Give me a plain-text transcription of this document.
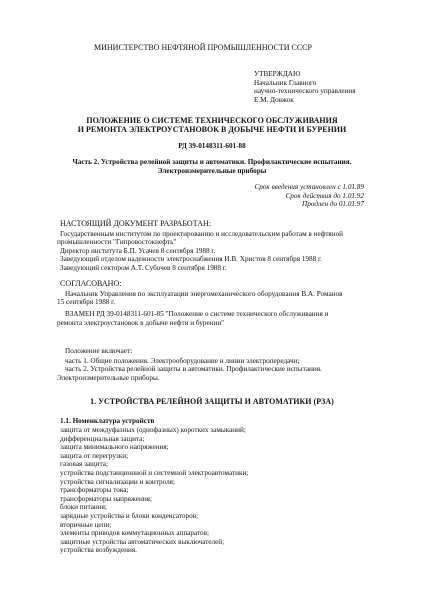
МИНИСТЕРСТВО НЕФТЯНОЙ ПРОМЫШЛЕННОСТИ СССР
УТВЕРЖДАЮ
Начальник Главного
научно-технического управления
Е.М. Довжок
ПОЛОЖЕНИЕ О СИСТЕМЕ ТЕХНИЧЕСКОГО ОБСЛУЖИВАНИЯ
И РЕМОНТА ЭЛЕКТРОУСТАНОВОК В ДОБЫЧЕ НЕФТИ И БУРЕНИИ
РД 39-0148311-601-88
Часть 2. Устройства релейной защиты и автоматики. Профилактические испытания.
Электроизмерительные приборы
Срок введения установлен с 1.01.89
Срок действия до 1.01.92
Продлен до 01.01.97
НАСТОЯЩИЙ ДОКУМЕНТ РАЗРАБОТАН:
Государственным институтом по проектированию и исследовательским работам в нефтяной
промышленности "Гипровостокнефть"
Директор института Б.П. Усачев 8 сентября 1988 г.
Заведующий отделом надежности электроснабжения И.В. Христов 8 сентября 1988 г.
Заведующий сектором А.Т. Субочев 8 сентября 1988 г.
СОГЛАСОВАНО:
Начальник Управления по эксплуатации энергомеханического оборудования В.А. Романов
15 сентября 1988 г.
ВЗАМЕН РД 39-0148311-601-85 "Положение о системе технического обслуживания и
ремонта электроустановок в добыче нефти и бурении"
Положение включает:
часть 1. Общие положения. Электрооборудование и линии электропередачи;
часть 2. Устройства релейной защиты и автоматики. Профилактические испытания.
Электроизмерительные приборы.
1. УСТРОЙСТВА РЕЛЕЙНОЙ ЗАЩИТЫ И АВТОМАТИКИ (РЗА)
1.1. Номенклатура устройств
защита от междуфазных (однофазных) коротких замыканий;
дифференциальная защита;
защита минимального напряжения;
защита от перегрузки;
газовая защита;
устройства подстанционной и системной электроавтоматики;
устройства сигнализации и контроля;
трансформаторы тока;
трансформаторы напряжения;
блоки питания;
зарядные устройства и блоки конденсаторов;
вторичные цепи;
элементы приводов коммутационных аппаратов;
защитные устройства автоматических выключателей;
устройства возбуждения.
